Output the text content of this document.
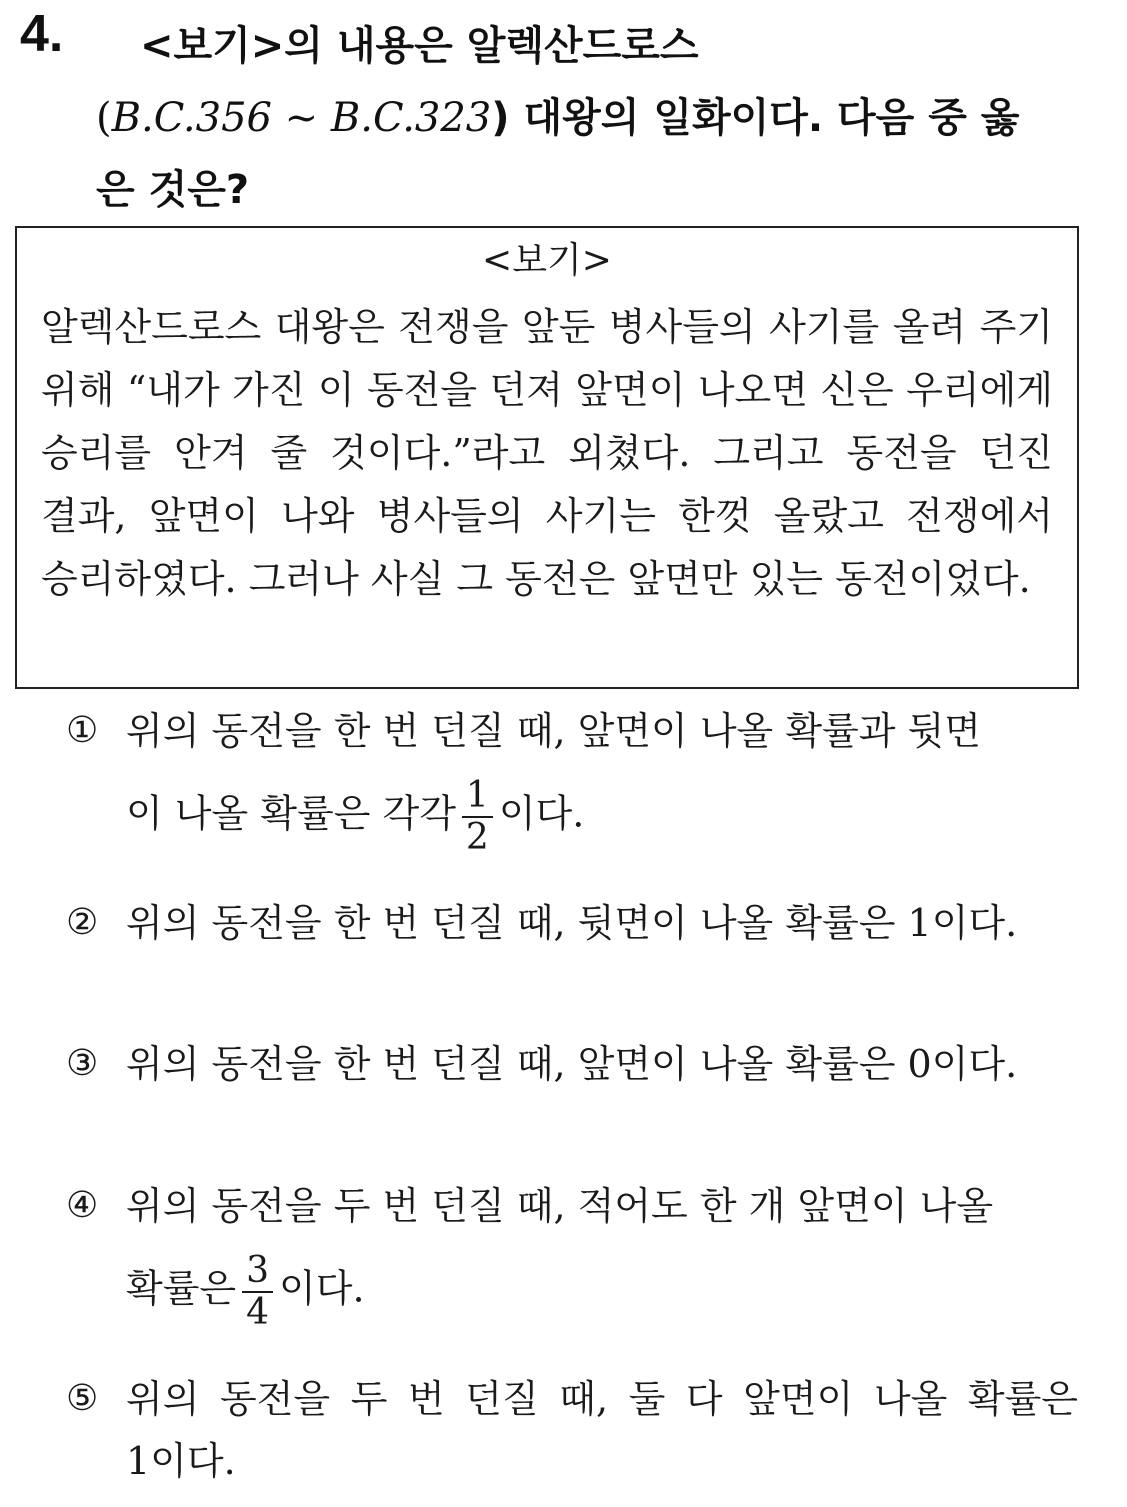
4.	<보기>의 내용은 알렉산드로스
(B.C.356 ~ B.C.323) 대왕의 일화이다. 다음 중 옳
은 것은?
<보기>
알렉산드로스 대왕은 전쟁을 앞둔 병사들의 사기를 올려 주기 위해 “내가 가진 이 동전을 던져 앞면이 나오면 신은 우리에게 승리를 안겨 줄 것이다.”라고 외쳤다. 그리고 동전을 던진 결과, 앞면이 나와 병사들의 사기는 한껏 올랐고 전쟁에서 승리하였다. 그러나 사실 그 동전은 앞면만 있는 동전이었다.
① 위의 동전을 한 번 던질 때, 앞면이 나올 확률과 뒷면
이 나올 확률은 각각 $\frac{1}{2}$ 이다.
② 위의 동전을 한 번 던질 때, 뒷면이 나올 확률은 1이다.
③ 위의 동전을 한 번 던질 때, 앞면이 나올 확률은 0이다.
④ 위의 동전을 두 번 던질 때, 적어도 한 개 앞면이 나올
확률은 $\frac{3}{4}$ 이다.
⑤ 위의 동전을 두 번 던질 때, 둘 다 앞면이 나올 확률은 1이다.
